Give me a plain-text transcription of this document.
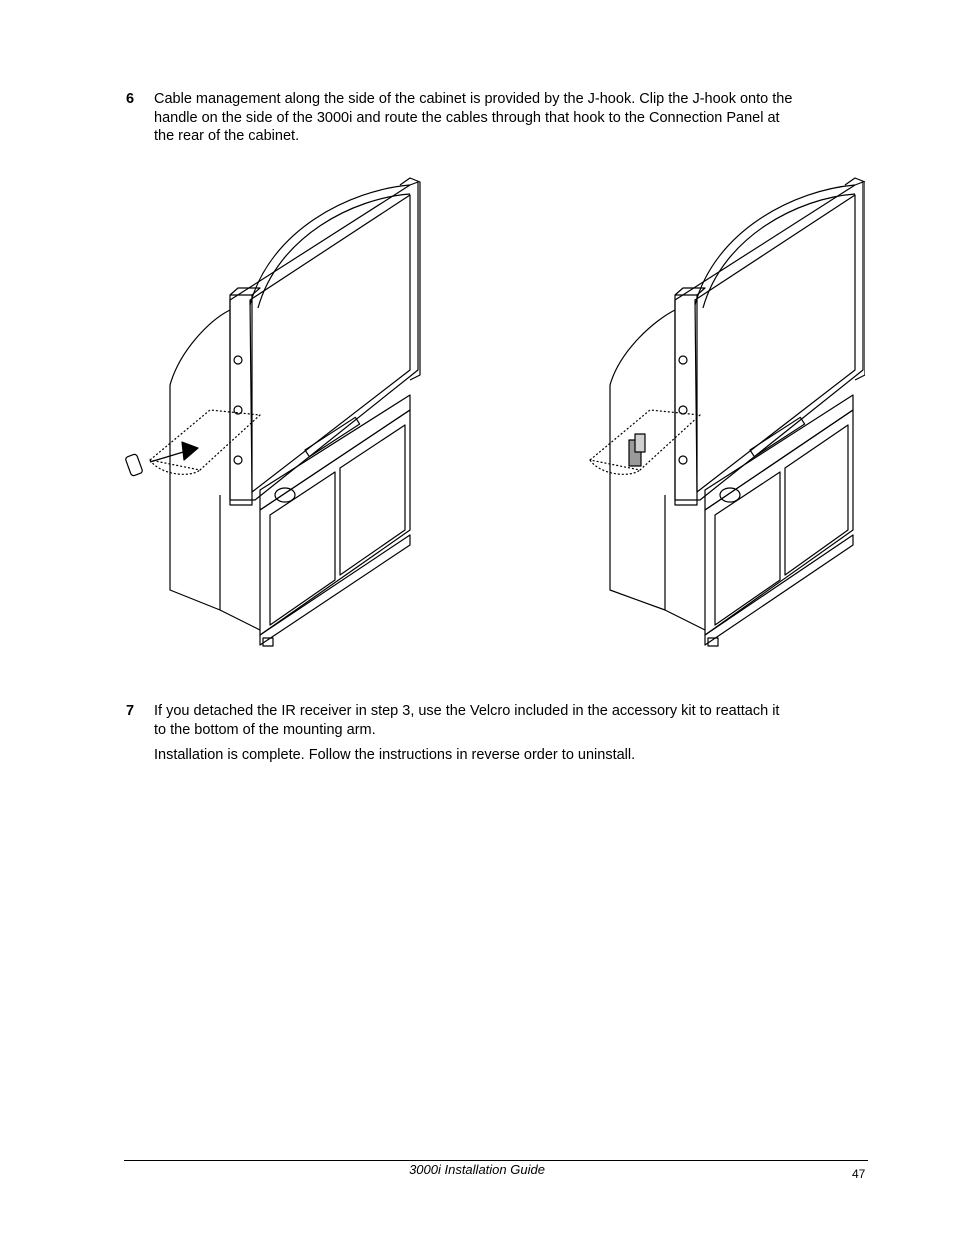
6 Cable management along the side of the cabinet is provided by the J-hook. Clip the J-hook onto the handle on the side of the 3000i and route the cables through that hook to the Connection Panel at the rear of the cabinet.
7 If you detached the IR receiver in step 3, use the Velcro included in the accessory kit to reattach it to the bottom of the mounting arm.
Installation is complete. Follow the instructions in reverse order to uninstall.
3000i Installation Guide	47
